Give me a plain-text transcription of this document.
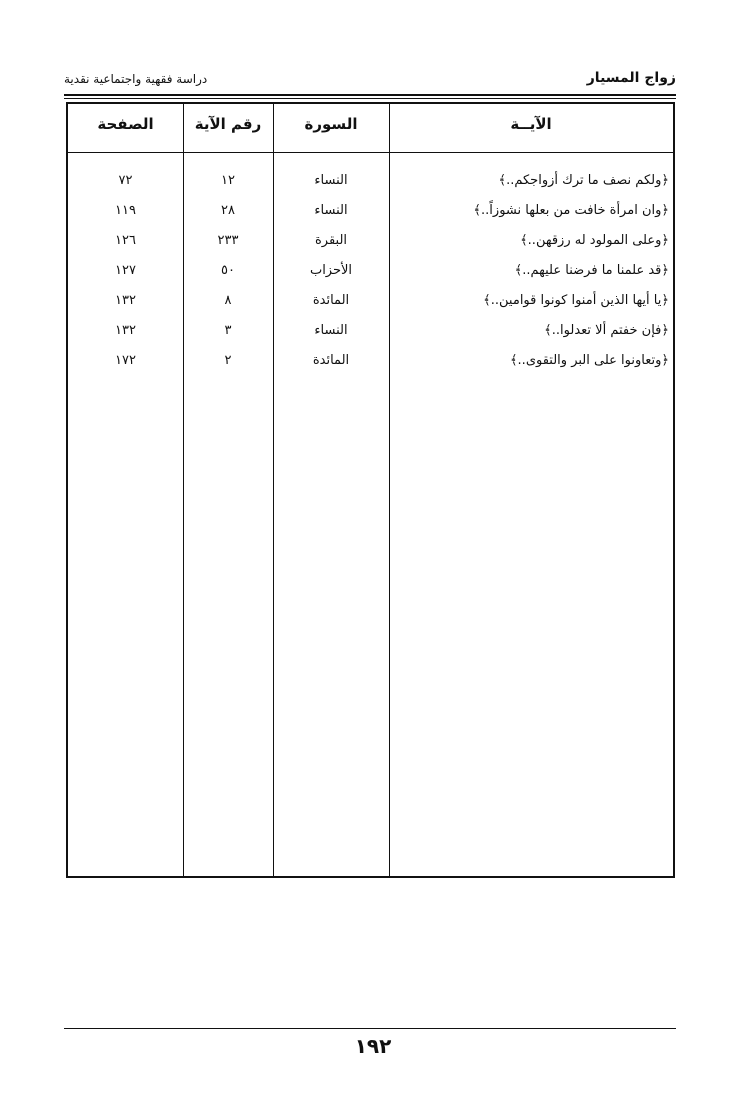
زواج المسيار
دراسة فقهية واجتماعية نقدية
الآيــة
السورة
رقم الآية
الصفحة
﴿ولكم نصف ما ترك أزواجكم..﴾
النساء
١٢
٧٢
﴿وان امرأة خافت من بعلها نشوزاً..﴾
النساء
٢٨
١١٩
﴿وعلى المولود له رزقهن..﴾
البقرة
٢٣٣
١٢٦
﴿قد علمنا ما فرضنا عليهم..﴾
الأحزاب
٥٠
١٢٧
﴿يا أيها الذين أمنوا كونوا قوامين..﴾
المائدة
٨
١٣٢
﴿فإن خفتم ألا تعدلوا..﴾
النساء
٣
١٣٢
﴿وتعاونوا على البر والتقوى..﴾
المائدة
٢
١٧٢
١٩٢
